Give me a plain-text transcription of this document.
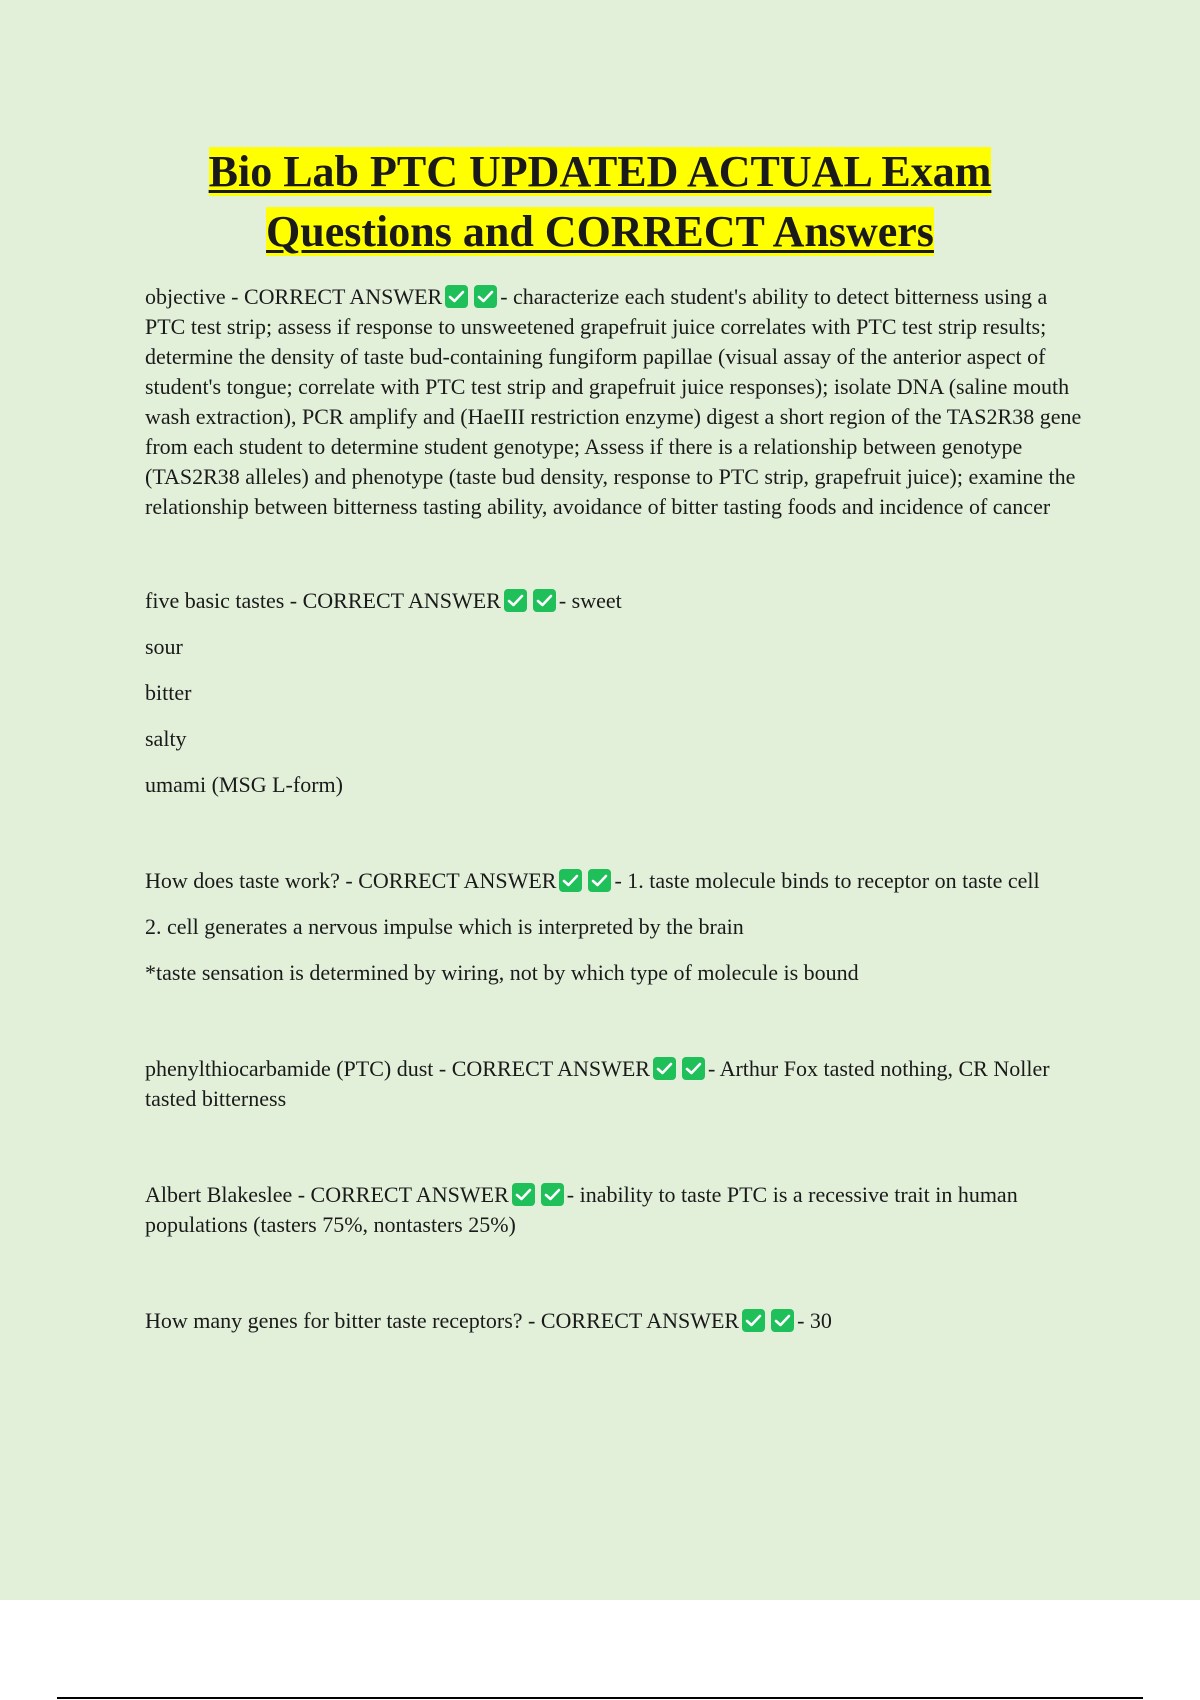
Bio Lab PTC UPDATED ACTUAL Exam
Questions and CORRECT Answers

objective - CORRECT ANSWER	- characterize each student's ability to detect bitterness using a PTC test strip; assess if response to unsweetened grapefruit juice correlates with PTC test strip results; determine the density of taste bud-containing fungiform papillae (visual assay of the anterior aspect of student's tongue; correlate with PTC test strip and grapefruit juice responses); isolate DNA (saline mouth wash extraction), PCR amplify and (HaeIII restriction enzyme) digest a short region of the TAS2R38 gene from each student to determine student genotype; Assess if there is a relationship between genotype (TAS2R38 alleles) and phenotype (taste bud density, response to PTC strip, grapefruit juice); examine the relationship between bitterness tasting ability, avoidance of bitter tasting foods and incidence of cancer

five basic tastes - CORRECT ANSWER	- sweet

sour

bitter

salty

umami (MSG L-form)

How does taste work? - CORRECT ANSWER	- 1. taste molecule binds to receptor on taste cell

2. cell generates a nervous impulse which is interpreted by the brain

*taste sensation is determined by wiring, not by which type of molecule is bound

phenylthiocarbamide (PTC) dust - CORRECT ANSWER	- Arthur Fox tasted nothing, CR Noller tasted bitterness

Albert Blakeslee - CORRECT ANSWER	- inability to taste PTC is a recessive trait in human populations (tasters 75%, nontasters 25%)

How many genes for bitter taste receptors? - CORRECT ANSWER	- 30
